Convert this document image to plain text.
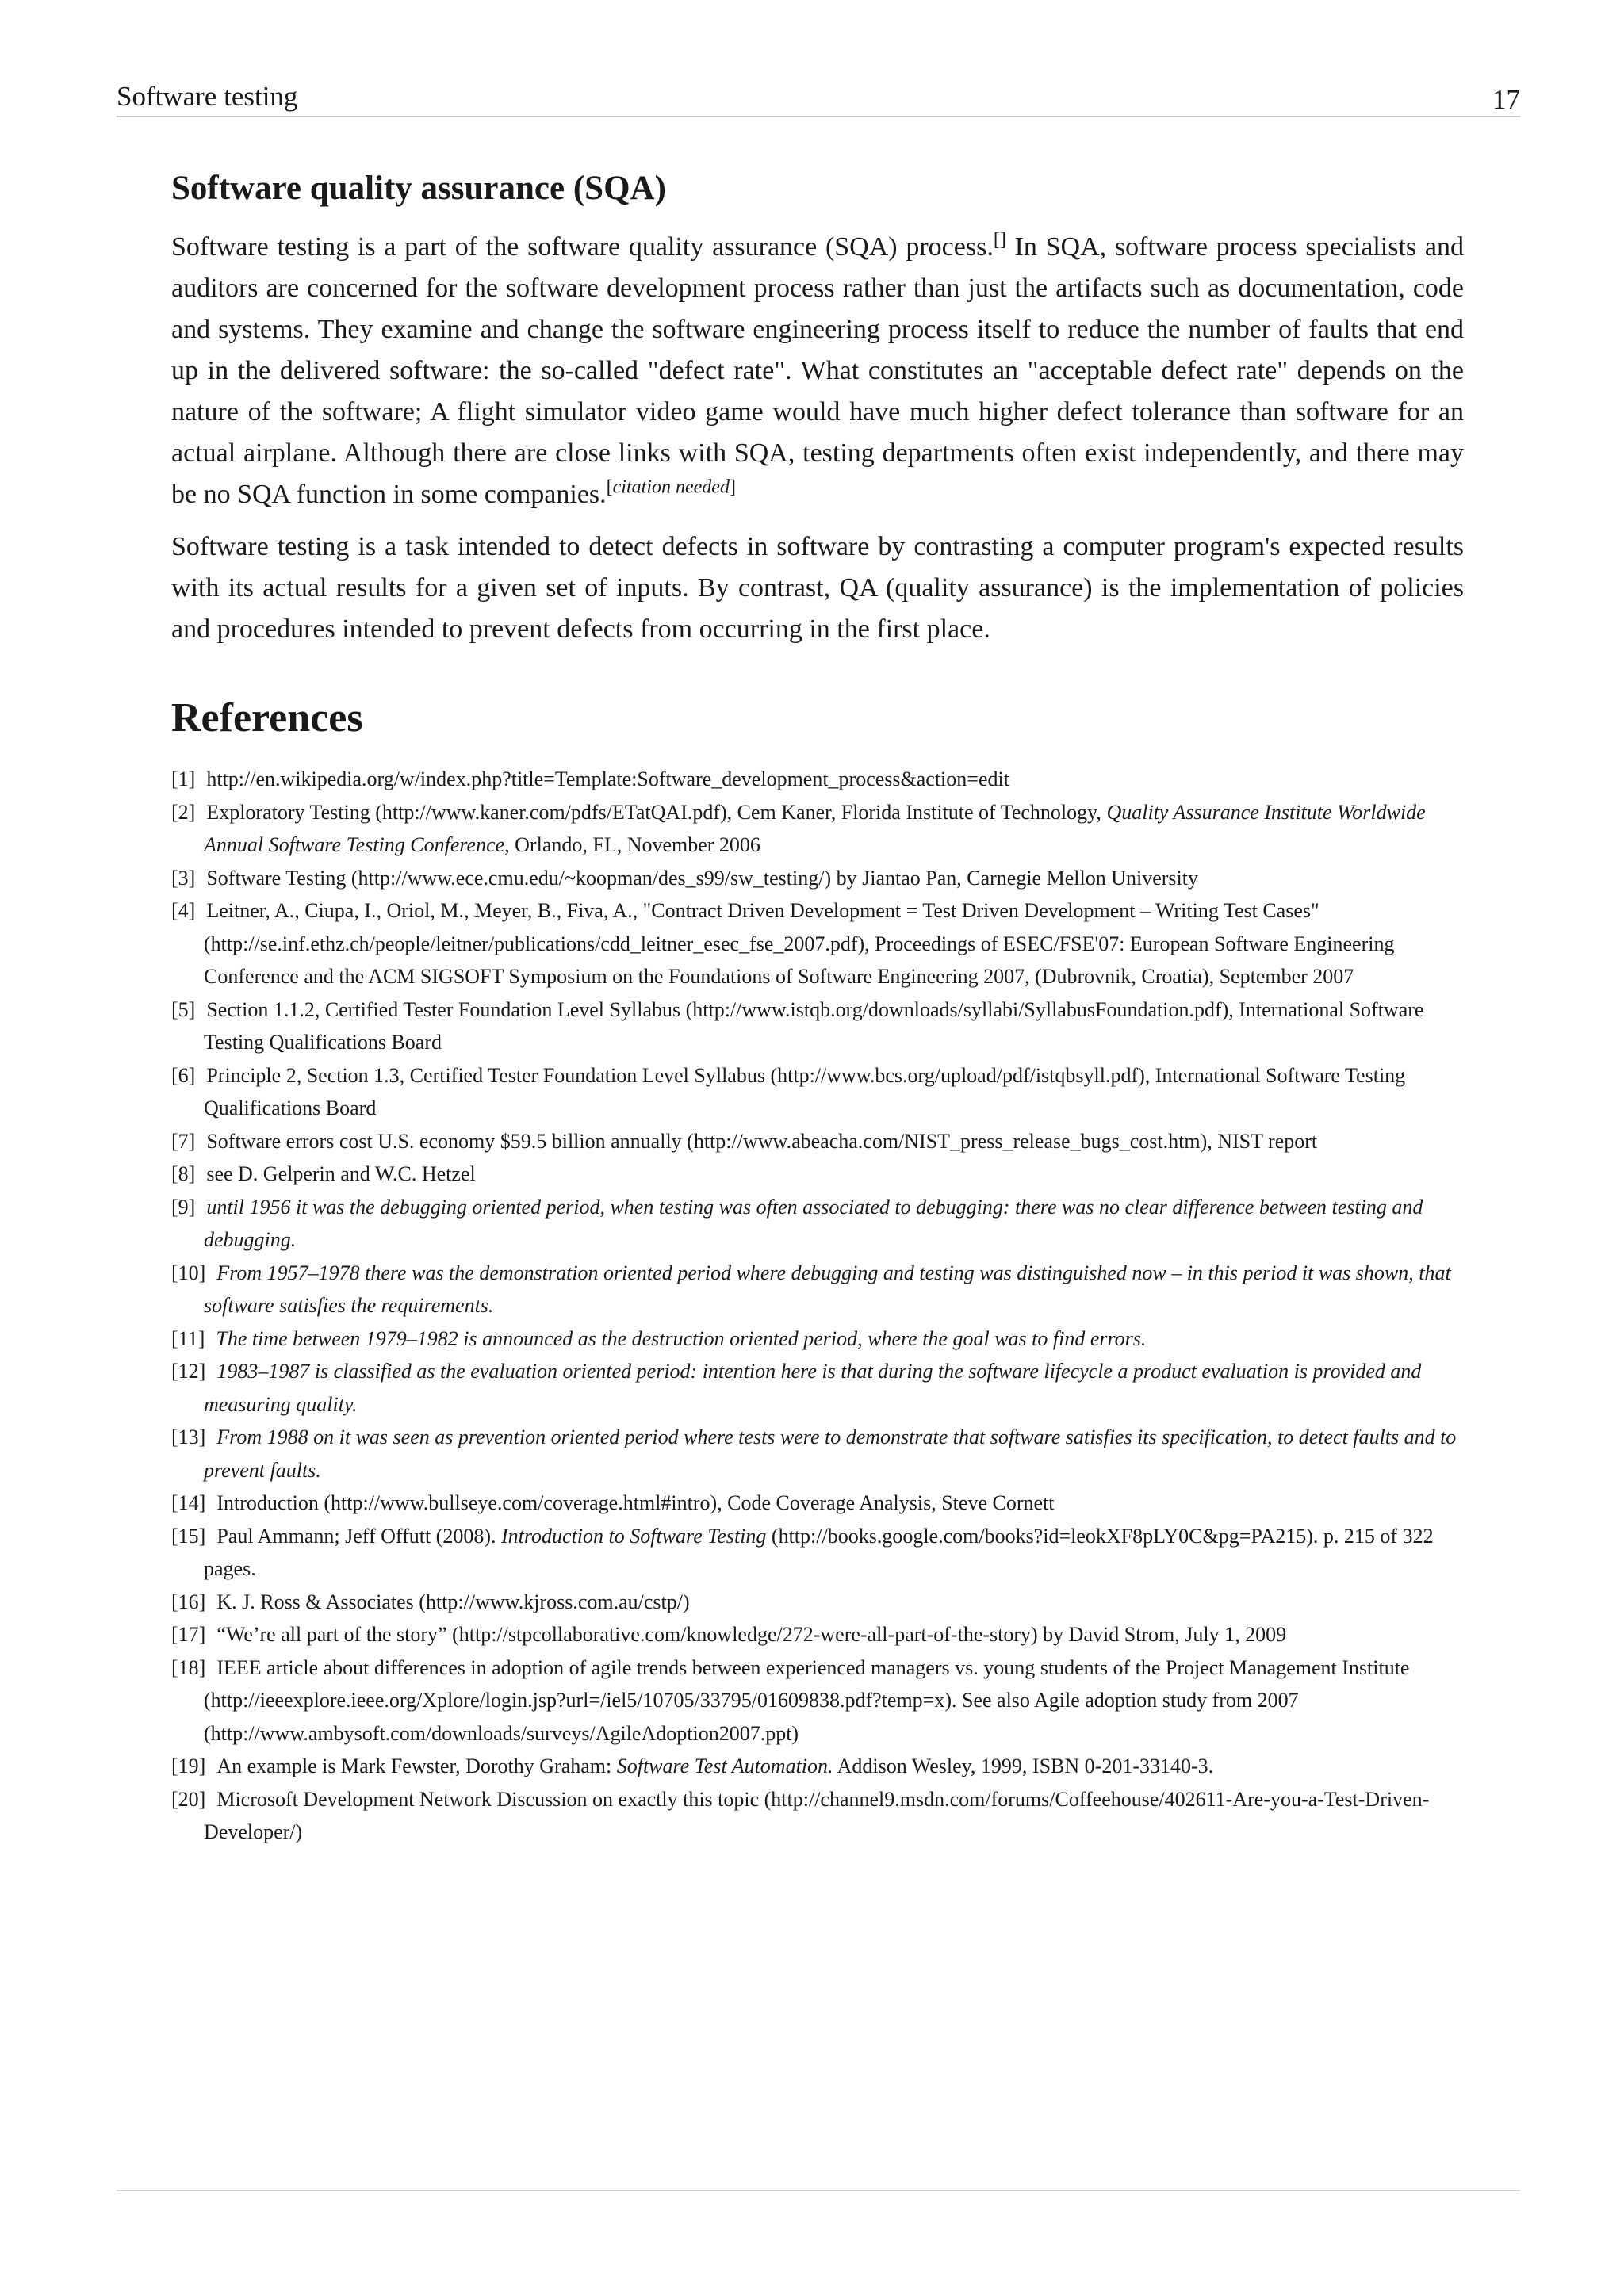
Software testing	17
Software quality assurance (SQA)

Software testing is a part of the software quality assurance (SQA) process.[] In SQA, software process specialists and auditors are concerned for the software development process rather than just the artifacts such as documentation, code and systems. They examine and change the software engineering process itself to reduce the number of faults that end up in the delivered software: the so-called "defect rate". What constitutes an "acceptable defect rate" depends on the nature of the software; A flight simulator video game would have much higher defect tolerance than software for an actual airplane. Although there are close links with SQA, testing departments often exist independently, and there may be no SQA function in some companies.[citation needed]

Software testing is a task intended to detect defects in software by contrasting a computer program's expected results with its actual results for a given set of inputs. By contrast, QA (quality assurance) is the implementation of policies and procedures intended to prevent defects from occurring in the first place.

References
[1] http://en.wikipedia.org/w/index.php?title=Template:Software_development_process&action=edit
[2] Exploratory Testing (http://www.kaner.com/pdfs/ETatQAI.pdf), Cem Kaner, Florida Institute of Technology, Quality Assurance Institute Worldwide Annual Software Testing Conference, Orlando, FL, November 2006
[3] Software Testing (http://www.ece.cmu.edu/~koopman/des_s99/sw_testing/) by Jiantao Pan, Carnegie Mellon University
[4] Leitner, A., Ciupa, I., Oriol, M., Meyer, B., Fiva, A., "Contract Driven Development = Test Driven Development – Writing Test Cases" (http://se.inf.ethz.ch/people/leitner/publications/cdd_leitner_esec_fse_2007.pdf), Proceedings of ESEC/FSE'07: European Software Engineering Conference and the ACM SIGSOFT Symposium on the Foundations of Software Engineering 2007, (Dubrovnik, Croatia), September 2007
[5] Section 1.1.2, Certified Tester Foundation Level Syllabus (http://www.istqb.org/downloads/syllabi/SyllabusFoundation.pdf), International Software Testing Qualifications Board
[6] Principle 2, Section 1.3, Certified Tester Foundation Level Syllabus (http://www.bcs.org/upload/pdf/istqbsyll.pdf), International Software Testing Qualifications Board
[7] Software errors cost U.S. economy $59.5 billion annually (http://www.abeacha.com/NIST_press_release_bugs_cost.htm), NIST report
[8] see D. Gelperin and W.C. Hetzel
[9] until 1956 it was the debugging oriented period, when testing was often associated to debugging: there was no clear difference between testing and debugging.
[10] From 1957–1978 there was the demonstration oriented period where debugging and testing was distinguished now – in this period it was shown, that software satisfies the requirements.
[11] The time between 1979–1982 is announced as the destruction oriented period, where the goal was to find errors.
[12] 1983–1987 is classified as the evaluation oriented period: intention here is that during the software lifecycle a product evaluation is provided and measuring quality.
[13] From 1988 on it was seen as prevention oriented period where tests were to demonstrate that software satisfies its specification, to detect faults and to prevent faults.
[14] Introduction (http://www.bullseye.com/coverage.html#intro), Code Coverage Analysis, Steve Cornett
[15] Paul Ammann; Jeff Offutt (2008). Introduction to Software Testing (http://books.google.com/books?id=leokXF8pLY0C&pg=PA215). p. 215 of 322 pages.
[16] K. J. Ross & Associates (http://www.kjross.com.au/cstp/)
[17] “We’re all part of the story” (http://stpcollaborative.com/knowledge/272-were-all-part-of-the-story) by David Strom, July 1, 2009
[18] IEEE article about differences in adoption of agile trends between experienced managers vs. young students of the Project Management Institute (http://ieeexplore.ieee.org/Xplore/login.jsp?url=/iel5/10705/33795/01609838.pdf?temp=x). See also Agile adoption study from 2007 (http://www.ambysoft.com/downloads/surveys/AgileAdoption2007.ppt)
[19] An example is Mark Fewster, Dorothy Graham: Software Test Automation. Addison Wesley, 1999, ISBN 0-201-33140-3.
[20] Microsoft Development Network Discussion on exactly this topic (http://channel9.msdn.com/forums/Coffeehouse/402611-Are-you-a-Test-Driven-Developer/)
